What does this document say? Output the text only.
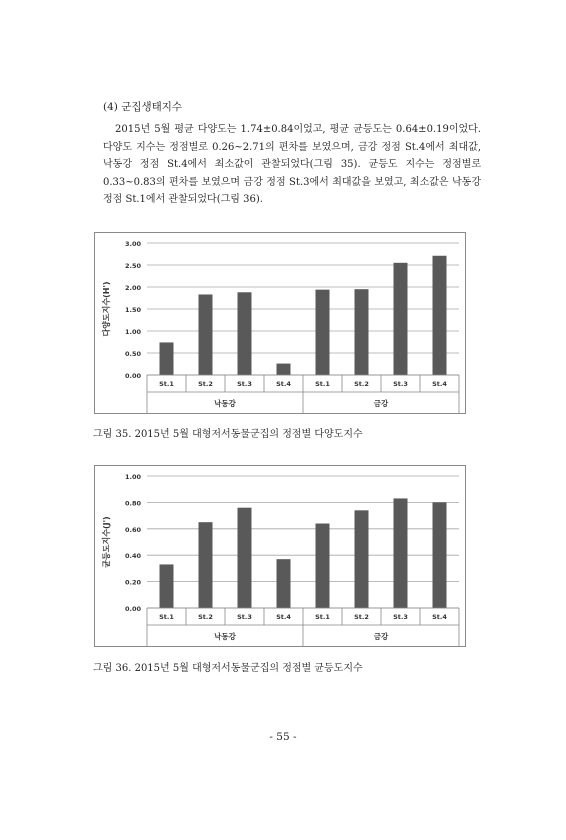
(4) 군집생태지수
2015년 5월 평균 다양도는 1.74±0.84이었고, 평균 균등도는 0.64±0.19이었다. 다양도 지수는 정점별로 0.26~2.71의 편차를 보였으며, 금강 정점 St.4에서 최대값, 낙동강 정점 St.4에서 최소값이 관찰되었다(그림 35). 균등도 지수는 정점별로 0.33~0.83의 편차를 보였으며 금강 정점 St.3에서 최대값을 보였고, 최소값은 낙동강 정점 St.1에서 관찰되었다(그림 36).
0.00
0.50
1.00
1.50
2.00
2.50
3.00
St.1	St.2	St.3	St.4	St.1	St.2	St.3	St.4
낙동강	금강
다양도지수(H')
그림 35. 2015년 5월 대형저서동물군집의 정점별 다양도지수
0.00
0.20
0.40
0.60
0.80
1.00
St.1	St.2	St.3	St.4	St.1	St.2	St.3	St.4
낙동강	금강
균등도지수(J')
그림 36. 2015년 5월 대형저서동물군집의 정점별 균등도지수
- 55 -
